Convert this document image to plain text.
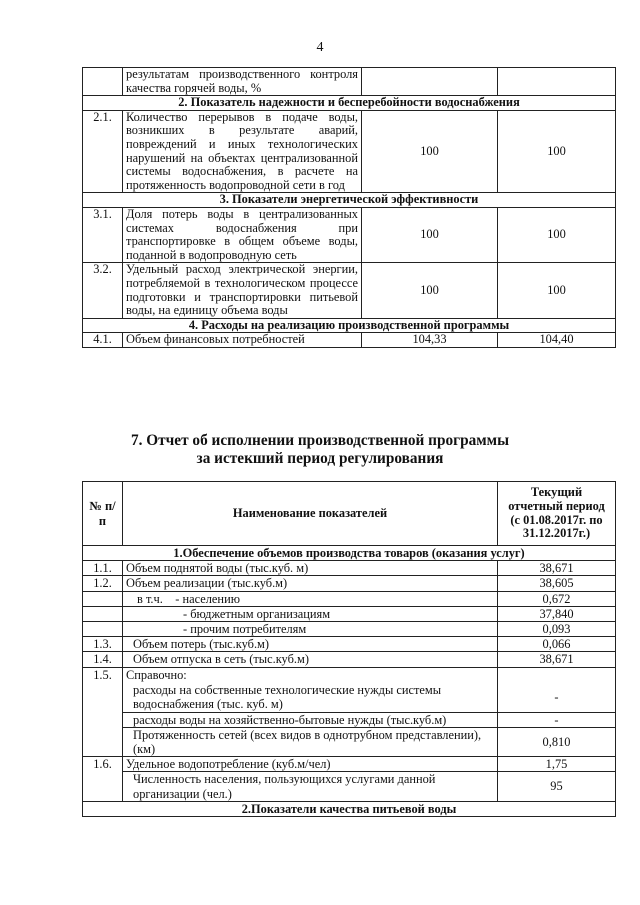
4
	результатам производственного контроля качества горячей воды, %		
2. Показатель надежности и бесперебойности водоснабжения			
2.1.	Количество перерывов в подаче воды, возникших в результате аварий, повреждений и иных технологических нарушений на объектах централизованной системы водоснабжения, в расчете на протяженность водопроводной сети в год	100	100
3. Показатели энергетической эффективности			
3.1.	Доля потерь воды в централизованных системах водоснабжения при транспортировке в общем объеме воды, поданной в водопроводную сеть	100	100
3.2.	Удельный расход электрической энергии, потребляемой в технологическом процессе подготовки и транспортировки питьевой воды, на единицу объема воды	100	100
4. Расходы на реализацию производственной программы			
4.1.	Объем финансовых потребностей	104,33	104,40
7. Отчет об исполнении производственной программы
за истекший период регулирования
№ п/п	Наименование показателей	Текущий
отчетный период
(с 01.08.2017г. по
31.12.2017г.)

1.Обеспечение объемов производства товаров (оказания услуг)		
1.1.	Объем поднятой воды (тыс.куб. м)	38,671
1.2.	Объем реализации (тыс.куб.м)	38,605
	в т.ч.    - населению	0,672
	- бюджетным организациям	37,840
	- прочим потребителям	0,093
1.3.	Объем потерь (тыс.куб.м)	0,066
1.4.	Объем отпуска в сеть (тыс.куб.м)	38,671
1.5.	Справочно:	
	расходы на собственные технологические нужды системы водоснабжения (тыс. куб. м)	-
	расходы воды на хозяйственно-бытовые нужды (тыс.куб.м)	-
	Протяженность сетей (всех видов в однотрубном представлении), (км)	0,810
1.6.	Удельное водопотребление (куб.м/чел)	1,75
	Численность населения, пользующихся услугами данной организации (чел.)	95
2.Показатели качества питьевой воды		
